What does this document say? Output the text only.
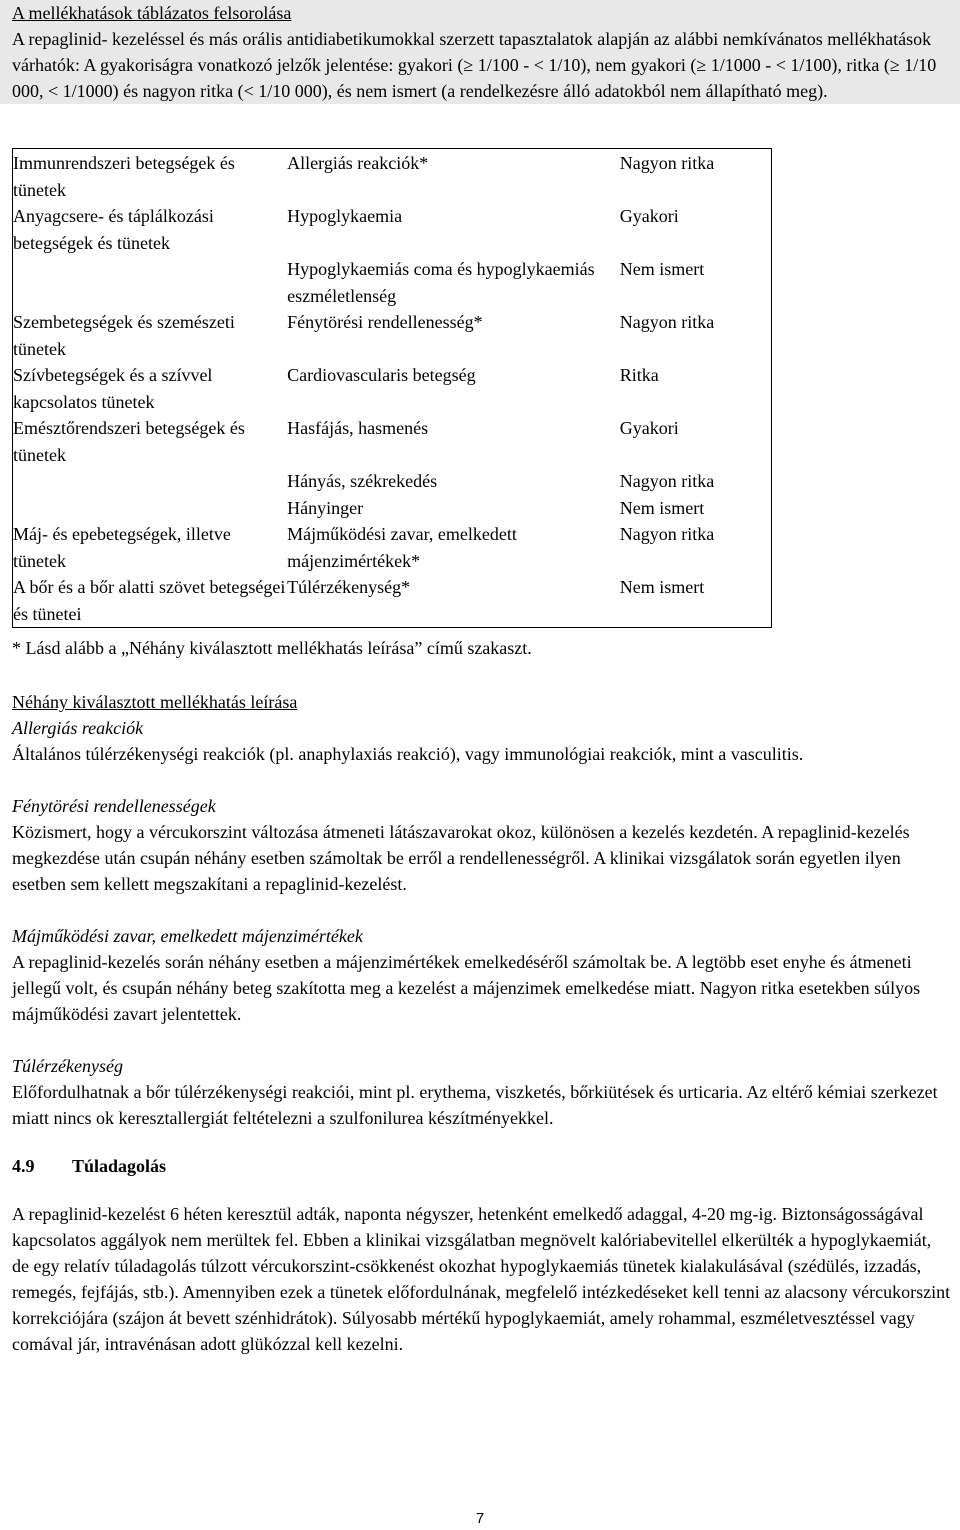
A mellékhatások táblázatos felsorolása

A repaglinid- kezeléssel és más orális antidiabetikumokkal szerzett tapasztalatok alapján az alábbi nemkívánatos mellékhatások várhatók: A gyakoriságra vonatkozó jelzők jelentése: gyakori (≥ 1/100 - < 1/10), nem gyakori (≥ 1/1000 - < 1/100), ritka (≥ 1/10 000, < 1/1000) és nagyon ritka (< 1/10 000), és nem ismert (a rendelkezésre álló adatokból nem állapítható meg).

Immunrendszeri betegségek és tünetek	Allergiás reakciók*	Nagyon ritka
Anyagcsere- és táplálkozási betegségek és tünetek	Hypoglykaemia	Gyakori
	Hypoglykaemiás coma és hypoglykaemiás eszméletlenség	Nem ismert
Szembetegségek és szemészeti tünetek	Fénytörési rendellenesség*	Nagyon ritka
Szívbetegségek és a szívvel kapcsolatos tünetek	Cardiovascularis betegség	Ritka
Emésztőrendszeri betegségek és tünetek	Hasfájás, hasmenés	Gyakori
	Hányás, székrekedés	Nagyon ritka
	Hányinger	Nem ismert
Máj- és epebetegségek, illetve tünetek	Májműködési zavar, emelkedett májenzimértékek*	Nagyon ritka
A bőr és a bőr alatti szövet betegségei és tünetei	Túlérzékenység*	Nem ismert

* Lásd alább a „Néhány kiválasztott mellékhatás leírása” című szakaszt.

Néhány kiválasztott mellékhatás leírása

Allergiás reakciók

Általános túlérzékenységi reakciók (pl. anaphylaxiás reakció), vagy immunológiai reakciók, mint a vasculitis.

Fénytörési rendellenességek

Közismert, hogy a vércukorszint változása átmeneti látászavarokat okoz, különösen a kezelés kezdetén. A repaglinid-kezelés megkezdése után csupán néhány esetben számoltak be erről a rendellenességről. A klinikai vizsgálatok során egyetlen ilyen esetben sem kellett megszakítani a repaglinid-kezelést.

Májműködési zavar, emelkedett májenzimértékek

A repaglinid-kezelés során néhány esetben a májenzimértékek emelkedéséről számoltak be. A legtöbb eset enyhe és átmeneti jellegű volt, és csupán néhány beteg szakította meg a kezelést a májenzimek emelkedése miatt. Nagyon ritka esetekben súlyos májműködési zavart jelentettek.

Túlérzékenység

Előfordulhatnak a bőr túlérzékenységi reakciói, mint pl. erythema, viszketés, bőrkiütések és urticaria. Az eltérő kémiai szerkezet miatt nincs ok keresztallergiát feltételezni a szulfonilurea készítményekkel.

4.9 Túladagolás

A repaglinid-kezelést 6 héten keresztül adták, naponta négyszer, hetenként emelkedő adaggal, 4-20 mg-ig. Biztonságosságával kapcsolatos aggályok nem merültek fel. Ebben a klinikai vizsgálatban megnövelt kalóriabevitellel elkerülték a hypoglykaemiát, de egy relatív túladagolás túlzott vércukorszint-csökkenést okozhat hypoglykaemiás tünetek kialakulásával (szédülés, izzadás, remegés, fejfájás, stb.). Amennyiben ezek a tünetek előfordulnának, megfelelő intézkedéseket kell tenni az alacsony vércukorszint korrekciójára (szájon át bevett szénhidrátok). Súlyosabb mértékű hypoglykaemiát, amely rohammal, eszméletvesztéssel vagy comával jár, intravénásan adott glükózzal kell kezelni.

7
